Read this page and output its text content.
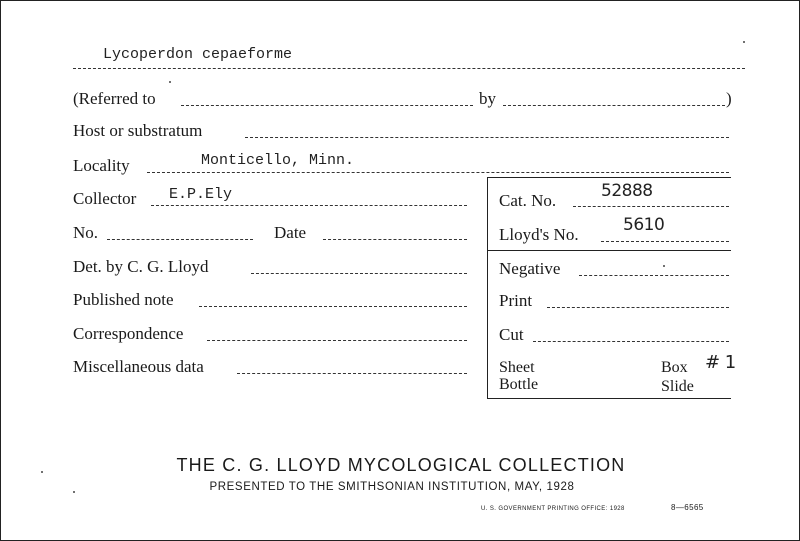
Lycoperdon cepaeforme
(Referred to	by	)
Host or substratum
Locality	Monticello, Minn.
Collector E.P.Ely
No.	Date
Det. by C. G. Lloyd
Published note
Correspondence
Miscellaneous data
Cat. No.	52888
Lloyd's No.	5610
Negative
Print
Cut
Sheet
Bottle
Box # 1
Slide
THE C. G. LLOYD MYCOLOGICAL COLLECTION
PRESENTED TO THE SMITHSONIAN INSTITUTION, MAY, 1928
U. S. GOVERNMENT PRINTING OFFICE: 1928	8—6565
